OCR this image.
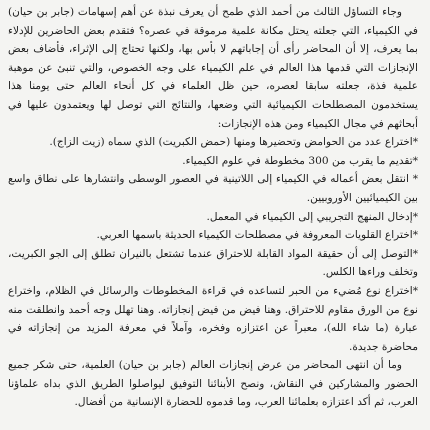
وجاء التساؤل الثالث من أحمد الذي طمح أن يعرف نبذة عن أهم إسهامات (جابر بن حيان) في الكيمياء، التي جعلته يحتل مكانة علمية مرموقة في عصره؟ فتقدم بعض الحاضرين للإدلاء بما يعرف، إلا أن المحاضر رأى أن إجاباتهم لا بأس بها، ولكنها تحتاج إلى الإثراء، فأضاف بعض الإنجازات التي قدمها هذا العالم في علم الكيمياء على وجه الخصوص، والتي تنبئ عن موهبة علمية فذة، جعلته سابقا لعصره، حين ظل العلماء في كل أنحاء العالم حتى يومنا هذا يستخدمون المصطلحات الكيميائية التي وضعها، والنتائج التي توصل لها ويعتمدون عليها في أبحاثهم في مجال الكيمياء ومن هذه الإنجازات:

*اختراع عدد من الحوامض وتحضيرها ومنها (حمض الكبريت) الذي سماه (زيت الزاج).

*تقديم ما يقرب من 300 مخطوطة في علوم الكيمياء.

* انتقل بعض أعماله في الكيمياء إلى اللاتينية في العصور الوسطى وانتشارها على نطاق واسع بين الكيميائيين الأوروبيين.

*إدخال المنهج التجريبي إلى الكيمياء في المعمل.

*اختراع القلويات المعروفة في مصطلحات الكيمياء الحديثة باسمها العربي.

*التوصل إلى أن حقيقة المواد القابلة للاحتراق عندما تشتعل بالنيران تطلق إلى الجو الكبريت، وتخلف وراءها الكلس.

*اختراع نوع مُضيء من الحبر لتساعده في قراءة المخطوطات والرسائل في الظلام، واختراع نوع من الورق مقاوم للاحتراق. وهنا فيض من فيض إنجازاته. وهنا تهلل وجه أحمد وانطلقت منه عبارة (ما شاء الله)، معبراً عن اعتزازه وفخره، وآملاً في معرفة المزيد من إنجازاته في محاضرة جديدة.

وما أن انتهى المحاضر من عرض إنجازات العالم (جابر بن حيان) العلمية، حتى شكر جميع الحضور والمشاركين في النقاش، ونصح الأبنائنا التوفيق ليواصلوا الطريق الذي بداه علماؤنا العرب، ثم أكد اعتزازه بعلمائنا العرب، وما قدموه للحضارة الإنسانية من أفضال.
